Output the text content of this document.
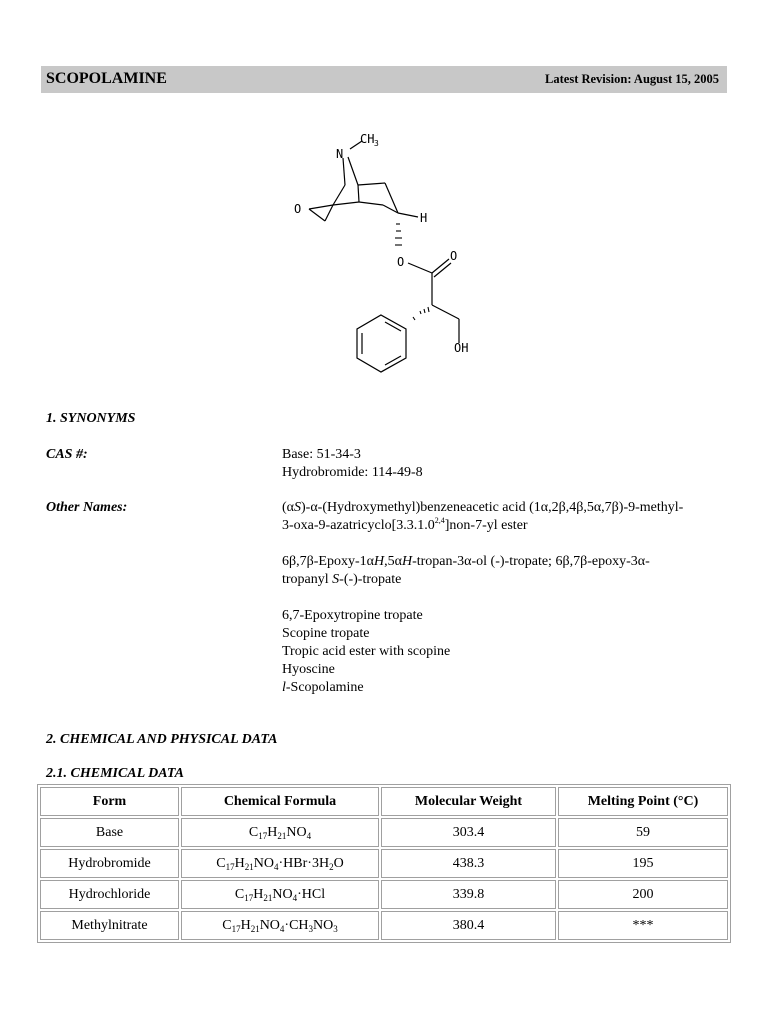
SCOPOLAMINE	Latest Revision: August 15, 2005
N
CH 3
O
H
O	O
OH
1. SYNONYMS
CAS #:	Base: 51-34-3
Hydrobromide: 114-49-8
Other Names:	(αS)-α-(Hydroxymethyl)benzeneacetic acid (1α,2β,4β,5α,7β)-9-methyl-
3-oxa-9-azatricyclo[3.3.1.0$^{2,4}$]non-7-yl ester
6β,7β-Epoxy-1αH,5αH-tropan-3α-ol (-)-tropate; 6β,7β-epoxy-3α-
tropanyl S-(-)-tropate
6,7-Epoxytropine tropate
Scopine tropate
Tropic acid ester with scopine
Hyoscine
l-Scopolamine
2. CHEMICAL AND PHYSICAL DATA
2.1. CHEMICAL DATA
Form	Chemical Formula	Molecular Weight	Melting Point (°C)
Base	$C_{17}H_{21}NO_4$	303.4	59
Hydrobromide	$C_{17}H_{21}NO_4\cdot HBr\cdot 3H_2O$	438.3	195
Hydrochloride	$C_{17}H_{21}NO_4\cdot HCl$	339.8	200
Methylnitrate	$C_{17}H_{21}NO_4\cdot CH_3NO_3$	380.4	***
